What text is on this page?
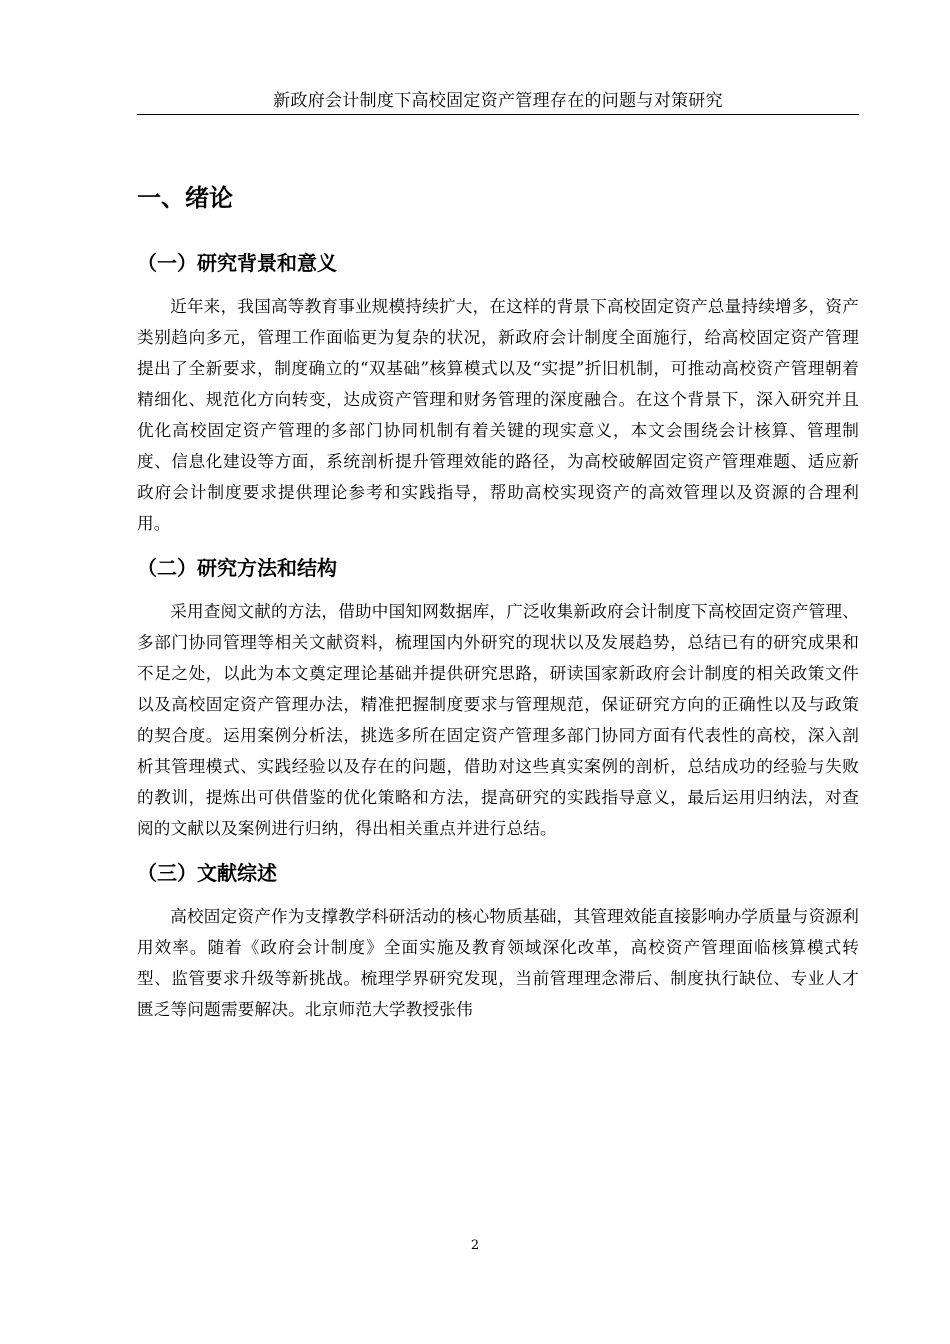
新政府会计制度下高校固定资产管理存在的问题与对策研究
一、绪论
（一）研究背景和意义

近年来，我国高等教育事业规模持续扩大，在这样的背景下高校固定资产总量持续增多，资产类别趋向多元，管理工作面临更为复杂的状况，新政府会计制度全面施行，给高校固定资产管理提出了全新要求，制度确立的“双基础”核算模式以及“实提”折旧机制，可推动高校资产管理朝着精细化、规范化方向转变，达成资产管理和财务管理的深度融合。在这个背景下，深入研究并且优化高校固定资产管理的多部门协同机制有着关键的现实意义，本文会围绕会计核算、管理制度、信息化建设等方面，系统剖析提升管理效能的路径，为高校破解固定资产管理难题、适应新政府会计制度要求提供理论参考和实践指导，帮助高校实现资产的高效管理以及资源的合理利用。

（二）研究方法和结构

采用查阅文献的方法，借助中国知网数据库，广泛收集新政府会计制度下高校固定资产管理、多部门协同管理等相关文献资料，梳理国内外研究的现状以及发展趋势，总结已有的研究成果和不足之处，以此为本文奠定理论基础并提供研究思路，研读国家新政府会计制度的相关政策文件以及高校固定资产管理办法，精准把握制度要求与管理规范，保证研究方向的正确性以及与政策的契合度。运用案例分析法，挑选多所在固定资产管理多部门协同方面有代表性的高校，深入剖析其管理模式、实践经验以及存在的问题，借助对这些真实案例的剖析，总结成功的经验与失败的教训，提炼出可供借鉴的优化策略和方法，提高研究的实践指导意义，最后运用归纳法，对查阅的文献以及案例进行归纳，得出相关重点并进行总结。

（三）文献综述

高校固定资产作为支撑教学科研活动的核心物质基础，其管理效能直接影响办学质量与资源利用效率。随着《政府会计制度》全面实施及教育领域深化改革，高校资产管理面临核算模式转型、监管要求升级等新挑战。梳理学界研究发现，当前管理理念滞后、制度执行缺位、专业人才匮乏等问题需要解决。北京师范大学教授张伟

2
